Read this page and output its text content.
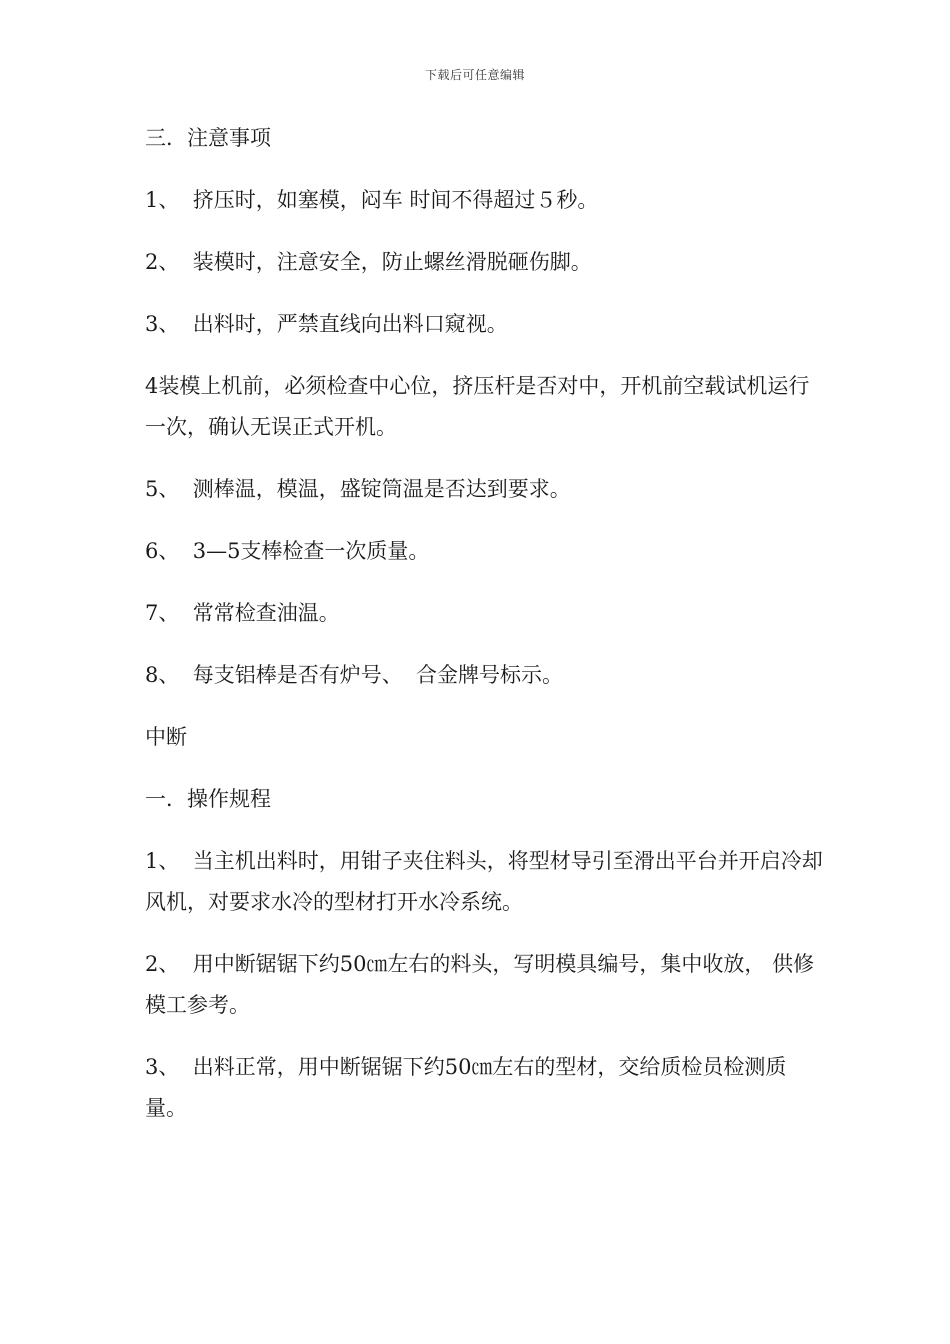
下载后可任意编辑

三．注意事项

1、  挤压时，如塞模，闷车 时间不得超过５秒。

2、  装模时，注意安全，防止螺丝滑脱砸伤脚。

3、  出料时，严禁直线向出料口窥视。

4装模上机前，必须检查中心位，挤压杆是否对中，开机前空载试机运行一次，确认无误正式开机。

5、  测棒温，模温，盛锭筒温是否达到要求。

6、  3—5支棒检查一次质量。

7、  常常检查油温。

8、  每支铝棒是否有炉号、  合金牌号标示。

中断

一．操作规程

1、  当主机出料时，用钳子夹住料头，将型材导引至滑出平台并开启冷却风机，对要求水冷的型材打开水冷系统。

2、  用中断锯锯下约50㎝左右的料头，写明模具编号，集中收放， 供修模工参考。

3、  出料正常，用中断锯锯下约50㎝左右的型材，交给质检员检测质量。
